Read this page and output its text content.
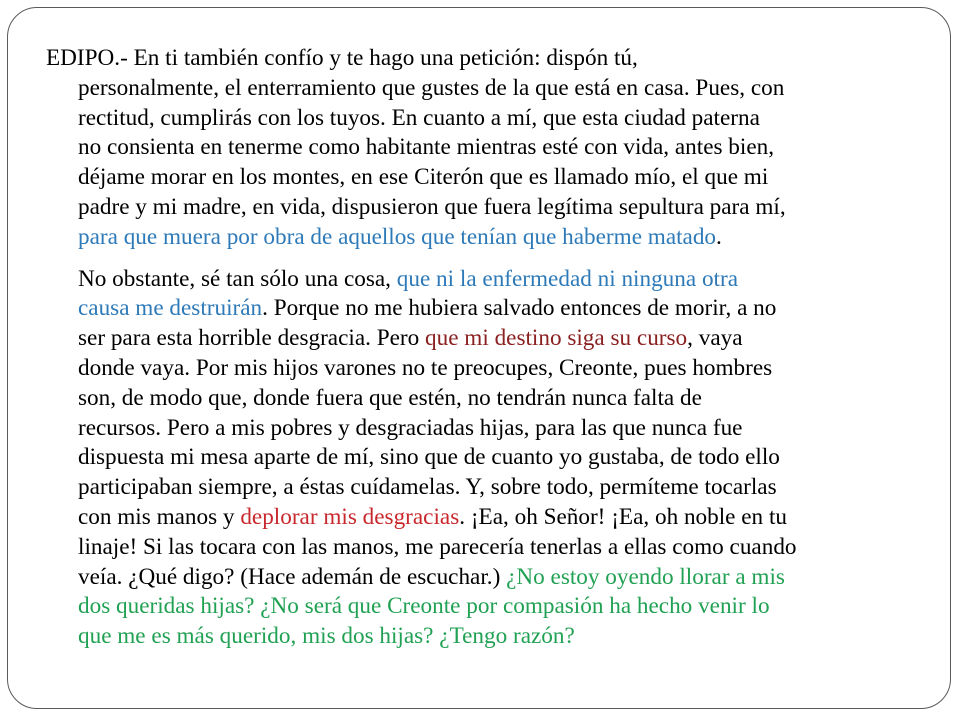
EDIPO.- En ti también confío y te hago una petición: dispón tú,
personalmente, el enterramiento que gustes de la que está en casa. Pues, con
rectitud, cumplirás con los tuyos. En cuanto a mí, que esta ciudad paterna
no consienta en tenerme como habitante mientras esté con vida, antes bien,
déjame morar en los montes, en ese Citerón que es llamado mío, el que mi
padre y mi madre, en vida, dispusieron que fuera legítima sepultura para mí,
para que muera por obra de aquellos que tenían que haberme matado.

No obstante, sé tan sólo una cosa, que ni la enfermedad ni ninguna otra
causa me destruirán. Porque no me hubiera salvado entonces de morir, a no
ser para esta horrible desgracia. Pero que mi destino siga su curso, vaya
donde vaya. Por mis hijos varones no te preocupes, Creonte, pues hombres
son, de modo que, donde fuera que estén, no tendrán nunca falta de
recursos. Pero a mis pobres y desgraciadas hijas, para las que nunca fue
dispuesta mi mesa aparte de mí, sino que de cuanto yo gustaba, de todo ello
participaban siempre, a éstas cuídamelas. Y, sobre todo, permíteme tocarlas
con mis manos y deplorar mis desgracias. ¡Ea, oh Señor! ¡Ea, oh noble en tu
linaje! Si las tocara con las manos, me parecería tenerlas a ellas como cuando
veía. ¿Qué digo? (Hace ademán de escuchar.) ¿No estoy oyendo llorar a mis
dos queridas hijas? ¿No será que Creonte por compasión ha hecho venir lo
que me es más querido, mis dos hijas? ¿Tengo razón?
